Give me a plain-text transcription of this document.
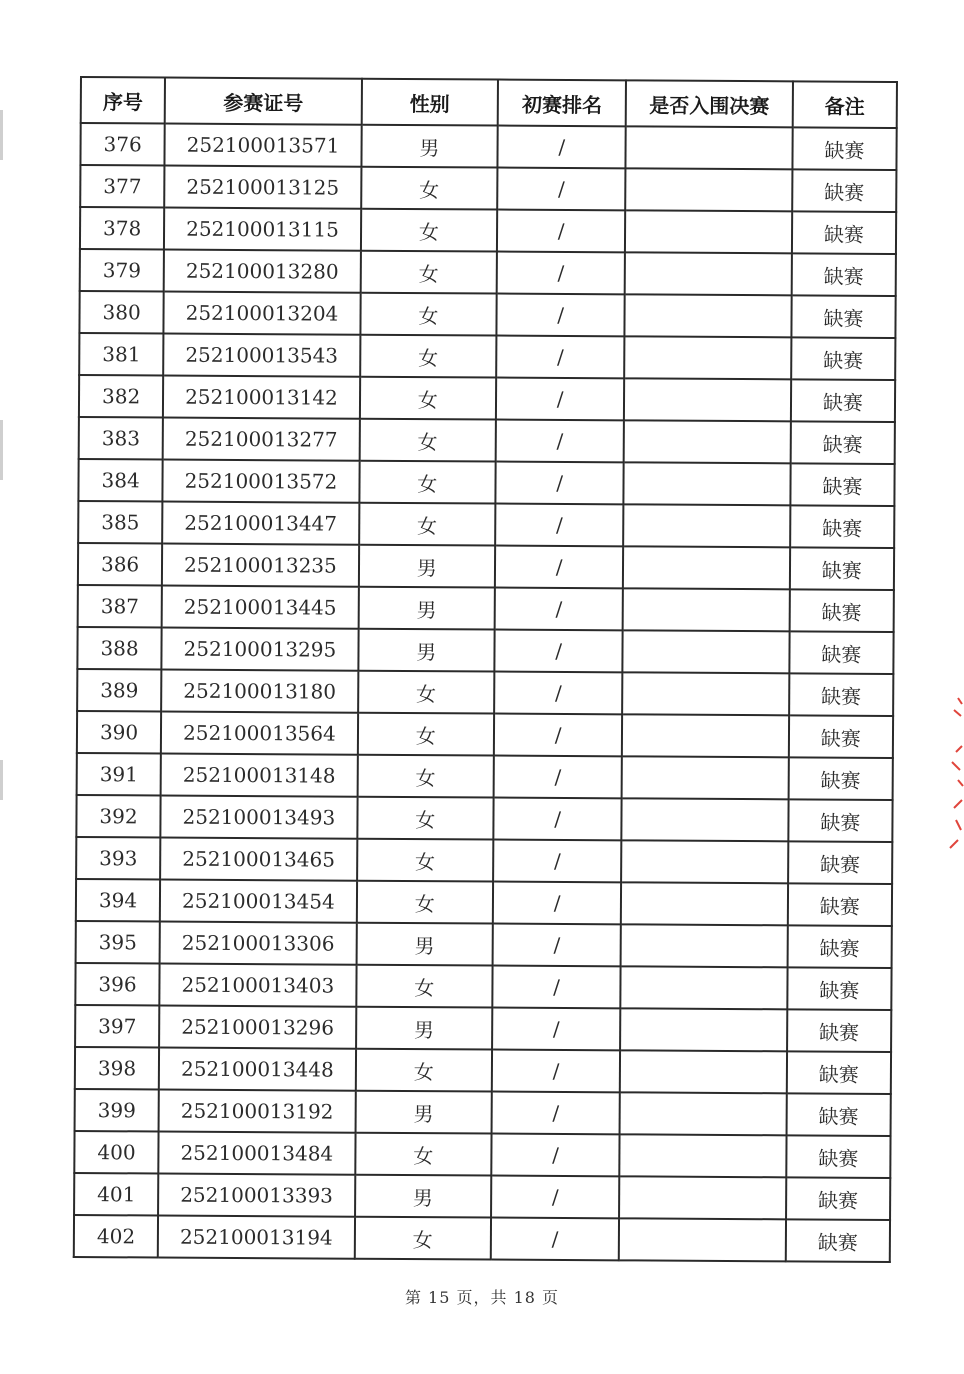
序号	参赛证号	性别	初赛排名	是否入围决赛	备注
376	252100013571	男	/		缺赛
377	252100013125	女	/		缺赛
378	252100013115	女	/		缺赛
379	252100013280	女	/		缺赛
380	252100013204	女	/		缺赛
381	252100013543	女	/		缺赛
382	252100013142	女	/		缺赛
383	252100013277	女	/		缺赛
384	252100013572	女	/		缺赛
385	252100013447	女	/		缺赛
386	252100013235	男	/		缺赛
387	252100013445	男	/		缺赛
388	252100013295	男	/		缺赛
389	252100013180	女	/		缺赛
390	252100013564	女	/		缺赛
391	252100013148	女	/		缺赛
392	252100013493	女	/		缺赛
393	252100013465	女	/		缺赛
394	252100013454	女	/		缺赛
395	252100013306	男	/		缺赛
396	252100013403	女	/		缺赛
397	252100013296	男	/		缺赛
398	252100013448	女	/		缺赛
399	252100013192	男	/		缺赛
400	252100013484	女	/		缺赛
401	252100013393	男	/		缺赛
402	252100013194	女	/		缺赛
第 15 页，共 18 页
